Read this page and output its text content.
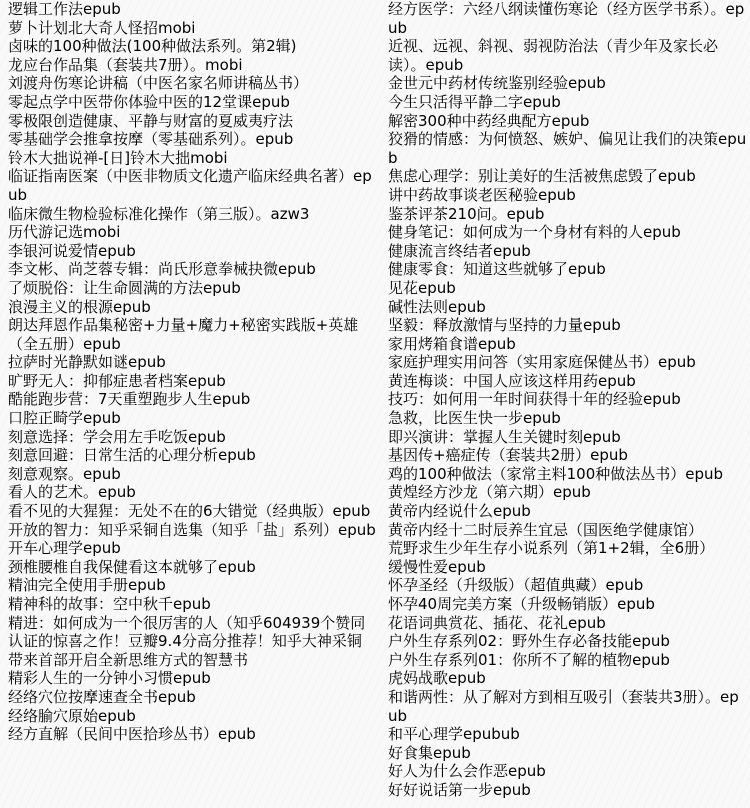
逻辑工作法epub
萝卜计划北大奇人怪招mobi
卤味的100种做法(100种做法系列。第2辑)
龙应台作品集（套装共7册）。mobi
刘渡舟伤寒论讲稿（中医名家名师讲稿丛书）
零起点学中医带你体验中医的12堂课epub
零极限创造健康、平静与财富的夏威夷疗法
零基础学会推拿按摩（零基础系列）。epub
铃木大拙说禅-[日]铃木大拙mobi
临证指南医案（中医非物质文化遗产临床经典名著）epub
临床微生物检验标准化操作（第三版）。azw3
历代游记选mobi
李银河说爱情epub
李文彬、尚芝蓉专辑：尚氏形意拳械抉微epub
了烦脱俗：让生命圆满的方法epub
浪漫主义的根源epub
朗达拜恩作品集秘密+力量+魔力+秘密实践版+英雄（全五册）epub
拉萨时光静默如谜epub
旷野无人：抑郁症患者档案epub
酷能跑步营：7天重塑跑步人生epub
口腔正畸学epub
刻意选择：学会用左手吃饭epub
刻意回避：日常生活的心理分析epub
刻意观察。epub
看人的艺术。epub
看不见的大猩猩：无处不在的6大错觉（经典版）epub
开放的智力：知乎采铜自选集（知乎「盐」系列）epub
开车心理学epub
颈椎腰椎自我保健看这本就够了epub
精油完全使用手册epub
精神科的故事：空中秋千epub
精进：如何成为一个很厉害的人（知乎604939个赞同认证的惊喜之作！豆瓣9.4分高分推荐！知乎大神采铜带来首部开启全新思维方式的智慧书
精彩人生的一分钟小习惯epub
经络穴位按摩速查全书epub
经络腧穴原始epub
经方直解（民间中医拾珍丛书）epub
经方医学：六经八纲读懂伤寒论（经方医学书系）。epub
近视、远视、斜视、弱视防治法（青少年及家长必读）。epub
金世元中药材传统鉴别经验epub
今生只活得平静二字epub
解密300种中药经典配方epub
狡猾的情感：为何愤怒、嫉妒、偏见让我们的决策epub
焦虑心理学：别让美好的生活被焦虑毁了epub
讲中药故事谈老医秘验epub
鉴茶评茶210问。epub
健身笔记：如何成为一个身材有料的人epub
健康流言终结者epub
健康零食：知道这些就够了epub
见花epub
碱性法则epub
坚毅：释放激情与坚持的力量epub
家用烤箱食谱epub
家庭护理实用问答（实用家庭保健丛书）epub
黄连梅谈：中国人应该这样用药epub
技巧：如何用一年时间获得十年的经验epub
急救，比医生快一步epub
即兴演讲：掌握人生关键时刻epub
基因传+癌症传（套装共2册）epub
鸡的100种做法（家常主料100种做法丛书）epub
黄煌经方沙龙（第六期）epub
黄帝内经说什么epub
黄帝内经十二时辰养生宜忌（国医绝学健康馆）
荒野求生少年生存小说系列（第1+2辑，全6册）
缓慢性爱epub
怀孕圣经（升级版）（超值典藏）epub
怀孕40周完美方案（升级畅销版）epub
花语词典赏花、插花、花礼epub
户外生存系列02：野外生存必备技能epub
户外生存系列01：你所不了解的植物epub
虎妈战歌epub
和谐两性：从了解对方到相互吸引（套装共3册）。epub
和平心理学epubub
好食集epub
好人为什么会作恶epub
好好说话第一步epub
